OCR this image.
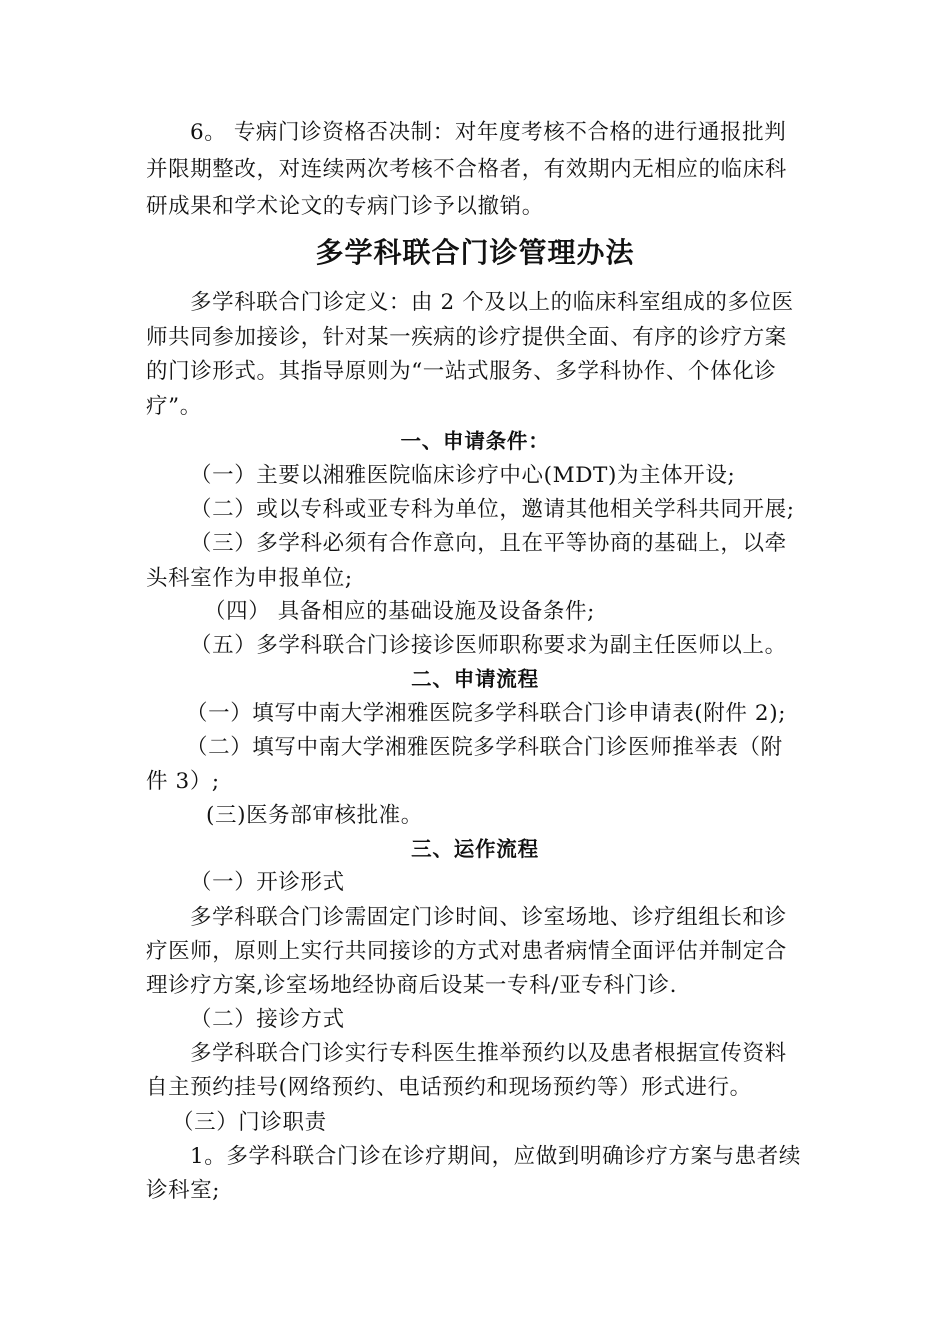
6。 专病门诊资格否决制：对年度考核不合格的进行通报批判
并限期整改，对连续两次考核不合格者，有效期内无相应的临床科
研成果和学术论文的专病门诊予以撤销。
多学科联合门诊管理办法
多学科联合门诊定义：由 2 个及以上的临床科室组成的多位医
师共同参加接诊，针对某一疾病的诊疗提供全面、有序的诊疗方案
的门诊形式。其指导原则为“一站式服务、多学科协作、个体化诊
疗”。
一、申请条件：
（一）主要以湘雅医院临床诊疗中心(MDT)为主体开设;
（二）或以专科或亚专科为单位，邀请其他相关学科共同开展;
（三）多学科必须有合作意向，且在平等协商的基础上，以牵
头科室作为申报单位;
（四） 具备相应的基础设施及设备条件;
（五）多学科联合门诊接诊医师职称要求为副主任医师以上。
二、申请流程
（一）填写中南大学湘雅医院多学科联合门诊申请表(附件 2);
（二）填写中南大学湘雅医院多学科联合门诊医师推举表（附
件 3）;
(三)医务部审核批准。
三、运作流程
（一）开诊形式
多学科联合门诊需固定门诊时间、诊室场地、诊疗组组长和诊
疗医师，原则上实行共同接诊的方式对患者病情全面评估并制定合
理诊疗方案,诊室场地经协商后设某一专科/亚专科门诊.
（二）接诊方式
多学科联合门诊实行专科医生推举预约以及患者根据宣传资料
自主预约挂号(网络预约、电话预约和现场预约等）形式进行。
（三）门诊职责
1。多学科联合门诊在诊疗期间，应做到明确诊疗方案与患者续
诊科室;
